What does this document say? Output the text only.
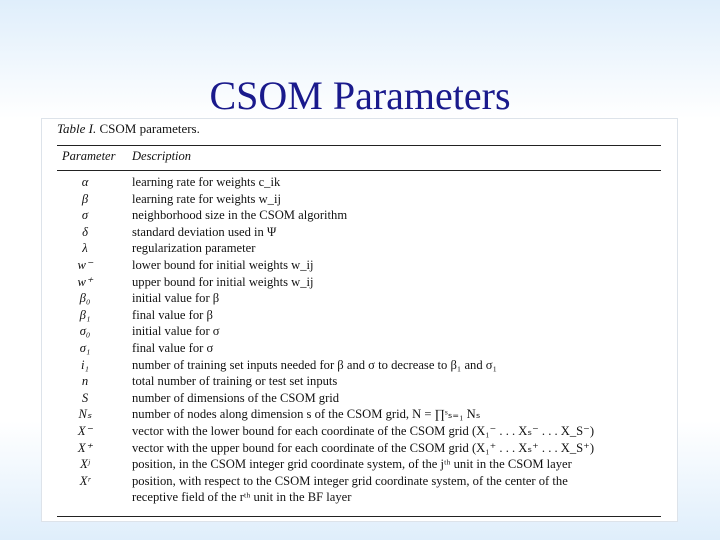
CSOM Parameters
Table I. CSOM parameters.
Parameter Description
α	learning rate for weights c_ik
β	learning rate for weights w_ij
σ	neighborhood size in the CSOM algorithm
δ	standard deviation used in Ψ
λ	regularization parameter
w⁻	lower bound for initial weights w_ij
w⁺	upper bound for initial weights w_ij
β₀	initial value for β
β₁	final value for β
σ₀	initial value for σ
σ₁	final value for σ
i₁	number of training set inputs needed for β and σ to decrease to β₁ and σ₁
n	total number of training or test set inputs
S	number of dimensions of the CSOM grid
Nₛ	number of nodes along dimension s of the CSOM grid, N = ∏ˢₛ₌₁ Nₛ
X⁻	vector with the lower bound for each coordinate of the CSOM grid (X₁⁻ . . . Xₛ⁻ . . . X_S⁻)
X⁺	vector with the upper bound for each coordinate of the CSOM grid (X₁⁺ . . . Xₛ⁺ . . . X_S⁺)
Xʲ	position, in the CSOM integer grid coordinate system, of the jᵗʰ unit in the CSOM layer
Xʳ	position, with respect to the CSOM integer grid coordinate system, of the center of the
receptive field of the rᵗʰ unit in the BF layer
